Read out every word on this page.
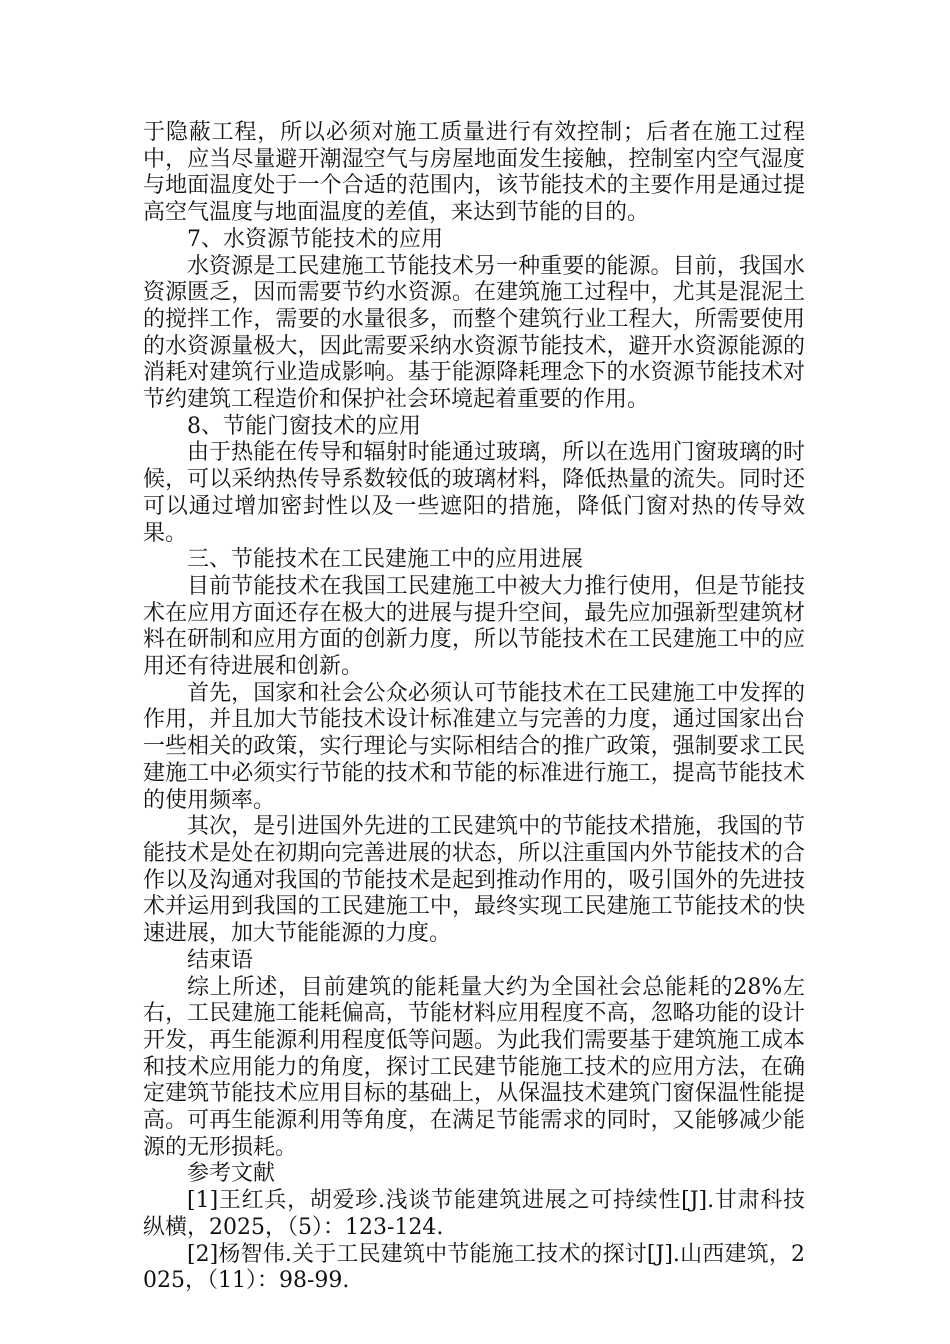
于隐蔽工程，所以必须对施工质量进行有效控制；后者在施工过程中，应当尽量避开潮湿空气与房屋地面发生接触，控制室内空气湿度与地面温度处于一个合适的范围内，该节能技术的主要作用是通过提高空气温度与地面温度的差值，来达到节能的目的。

7、水资源节能技术的应用

水资源是工民建施工节能技术另一种重要的能源。目前，我国水资源匮乏，因而需要节约水资源。在建筑施工过程中，尤其是混泥土的搅拌工作，需要的水量很多，而整个建筑行业工程大，所需要使用的水资源量极大，因此需要采纳水资源节能技术，避开水资源能源的消耗对建筑行业造成影响。基于能源降耗理念下的水资源节能技术对节约建筑工程造价和保护社会环境起着重要的作用。

8、节能门窗技术的应用

由于热能在传导和辐射时能通过玻璃，所以在选用门窗玻璃的时候，可以采纳热传导系数较低的玻璃材料，降低热量的流失。同时还可以通过增加密封性以及一些遮阳的措施，降低门窗对热的传导效果。

三、节能技术在工民建施工中的应用进展

目前节能技术在我国工民建施工中被大力推行使用，但是节能技术在应用方面还存在极大的进展与提升空间，最先应加强新型建筑材料在研制和应用方面的创新力度，所以节能技术在工民建施工中的应用还有待进展和创新。

首先，国家和社会公众必须认可节能技术在工民建施工中发挥的作用，并且加大节能技术设计标准建立与完善的力度，通过国家出台一些相关的政策，实行理论与实际相结合的推广政策，强制要求工民建施工中必须实行节能的技术和节能的标准进行施工，提高节能技术的使用频率。

其次，是引进国外先进的工民建筑中的节能技术措施，我国的节能技术是处在初期向完善进展的状态，所以注重国内外节能技术的合作以及沟通对我国的节能技术是起到推动作用的，吸引国外的先进技术并运用到我国的工民建施工中，最终实现工民建施工节能技术的快速进展，加大节能能源的力度。

结束语

综上所述，目前建筑的能耗量大约为全国社会总能耗的28%左右，工民建施工能耗偏高，节能材料应用程度不高，忽略功能的设计开发，再生能源利用程度低等问题。为此我们需要基于建筑施工成本和技术应用能力的角度，探讨工民建节能施工技术的应用方法，在确定建筑节能技术应用目标的基础上，从保温技术建筑门窗保温性能提高。可再生能源利用等角度，在满足节能需求的同时，又能够减少能源的无形损耗。

参考文献

[1]王红兵，胡爱珍.浅谈节能建筑进展之可持续性[J].甘肃科技纵横，2025，（5）：123-124.

[2]杨智伟.关于工民建筑中节能施工技术的探讨[J].山西建筑，2025，（11）：98-99.
